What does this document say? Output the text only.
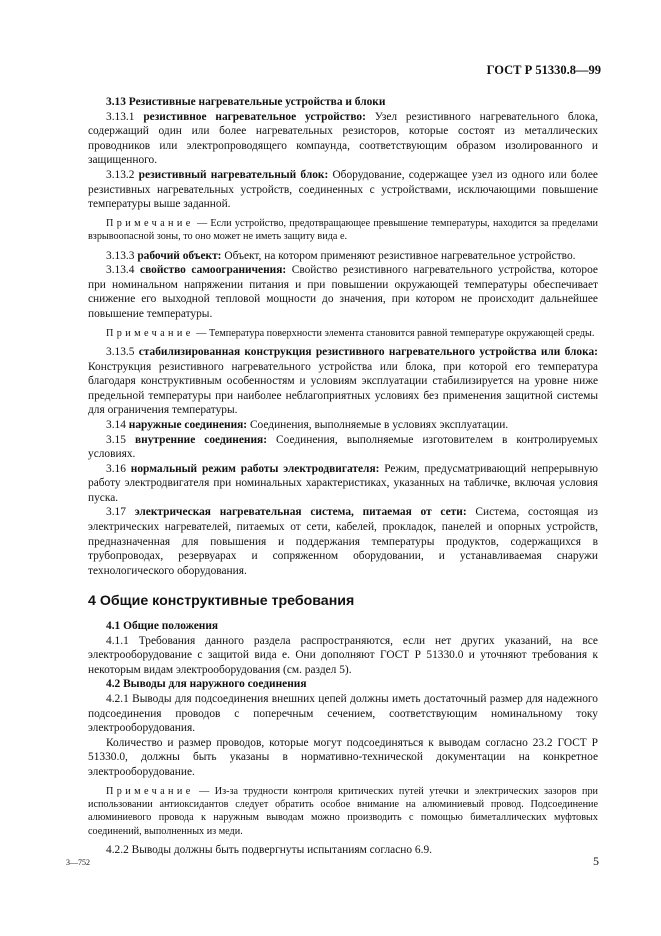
ГОСТ Р 51330.8—99

3.13 Резистивные нагревательные устройства и блоки

3.13.1 резистивное нагревательное устройство: Узел резистивного нагревательного блока, содержащий один или более нагревательных резисторов, которые состоят из металлических проводников или электропроводящего компаунда, соответствующим образом изолированного и защищенного.

3.13.2 резистивный нагревательный блок: Оборудование, содержащее узел из одного или более резистивных нагревательных устройств, соединенных с устройствами, исключающими повышение температуры выше заданной.

Примечание — Если устройство, предотвращающее превышение температуры, находится за пределами взрывоопасной зоны, то оно может не иметь защиту вида е.

3.13.3 рабочий объект: Объект, на котором применяют резистивное нагревательное устройство.

3.13.4 свойство самоограничения: Свойство резистивного нагревательного устройства, которое при номинальном напряжении питания и при повышении окружающей температуры обеспечивает снижение его выходной тепловой мощности до значения, при котором не происходит дальнейшее повышение температуры.

Примечание — Температура поверхности элемента становится равной температуре окружающей среды.

3.13.5 стабилизированная конструкция резистивного нагревательного устройства или блока: Конструкция резистивного нагревательного устройства или блока, при которой его температура благодаря конструктивным особенностям и условиям эксплуатации стабилизируется на уровне ниже предельной температуры при наиболее неблагоприятных условиях без применения защитной системы для ограничения температуры.

3.14 наружные соединения: Соединения, выполняемые в условиях эксплуатации.

3.15 внутренние соединения: Соединения, выполняемые изготовителем в контролируемых условиях.

3.16 нормальный режим работы электродвигателя: Режим, предусматривающий непрерывную работу электродвигателя при номинальных характеристиках, указанных на табличке, включая условия пуска.

3.17 электрическая нагревательная система, питаемая от сети: Система, состоящая из электрических нагревателей, питаемых от сети, кабелей, прокладок, панелей и опорных устройств, предназначенная для повышения и поддержания температуры продуктов, содержащихся в трубопроводах, резервуарах и сопряженном оборудовании, и устанавливаемая снаружи технологического оборудования.

4 Общие конструктивные требования

4.1 Общие положения

4.1.1 Требования данного раздела распространяются, если нет других указаний, на все электрооборудование с защитой вида е. Они дополняют ГОСТ Р 51330.0 и уточняют требования к некоторым видам электрооборудования (см. раздел 5).

4.2 Выводы для наружного соединения

4.2.1 Выводы для подсоединения внешних цепей должны иметь достаточный размер для надежного подсоединения проводов с поперечным сечением, соответствующим номинальному току электрооборудования.

Количество и размер проводов, которые могут подсоединяться к выводам согласно 23.2 ГОСТ Р 51330.0, должны быть указаны в нормативно-технической документации на конкретное электрооборудование.

Примечание — Из-за трудности контроля критических путей утечки и электрических зазоров при использовании антиоксидантов следует обратить особое внимание на алюминиевый провод. Подсоединение алюминиевого провода к наружным выводам можно производить с помощью биметаллических муфтовых соединений, выполненных из меди.

4.2.2 Выводы должны быть подвергнуты испытаниям согласно 6.9.

3—752	5
